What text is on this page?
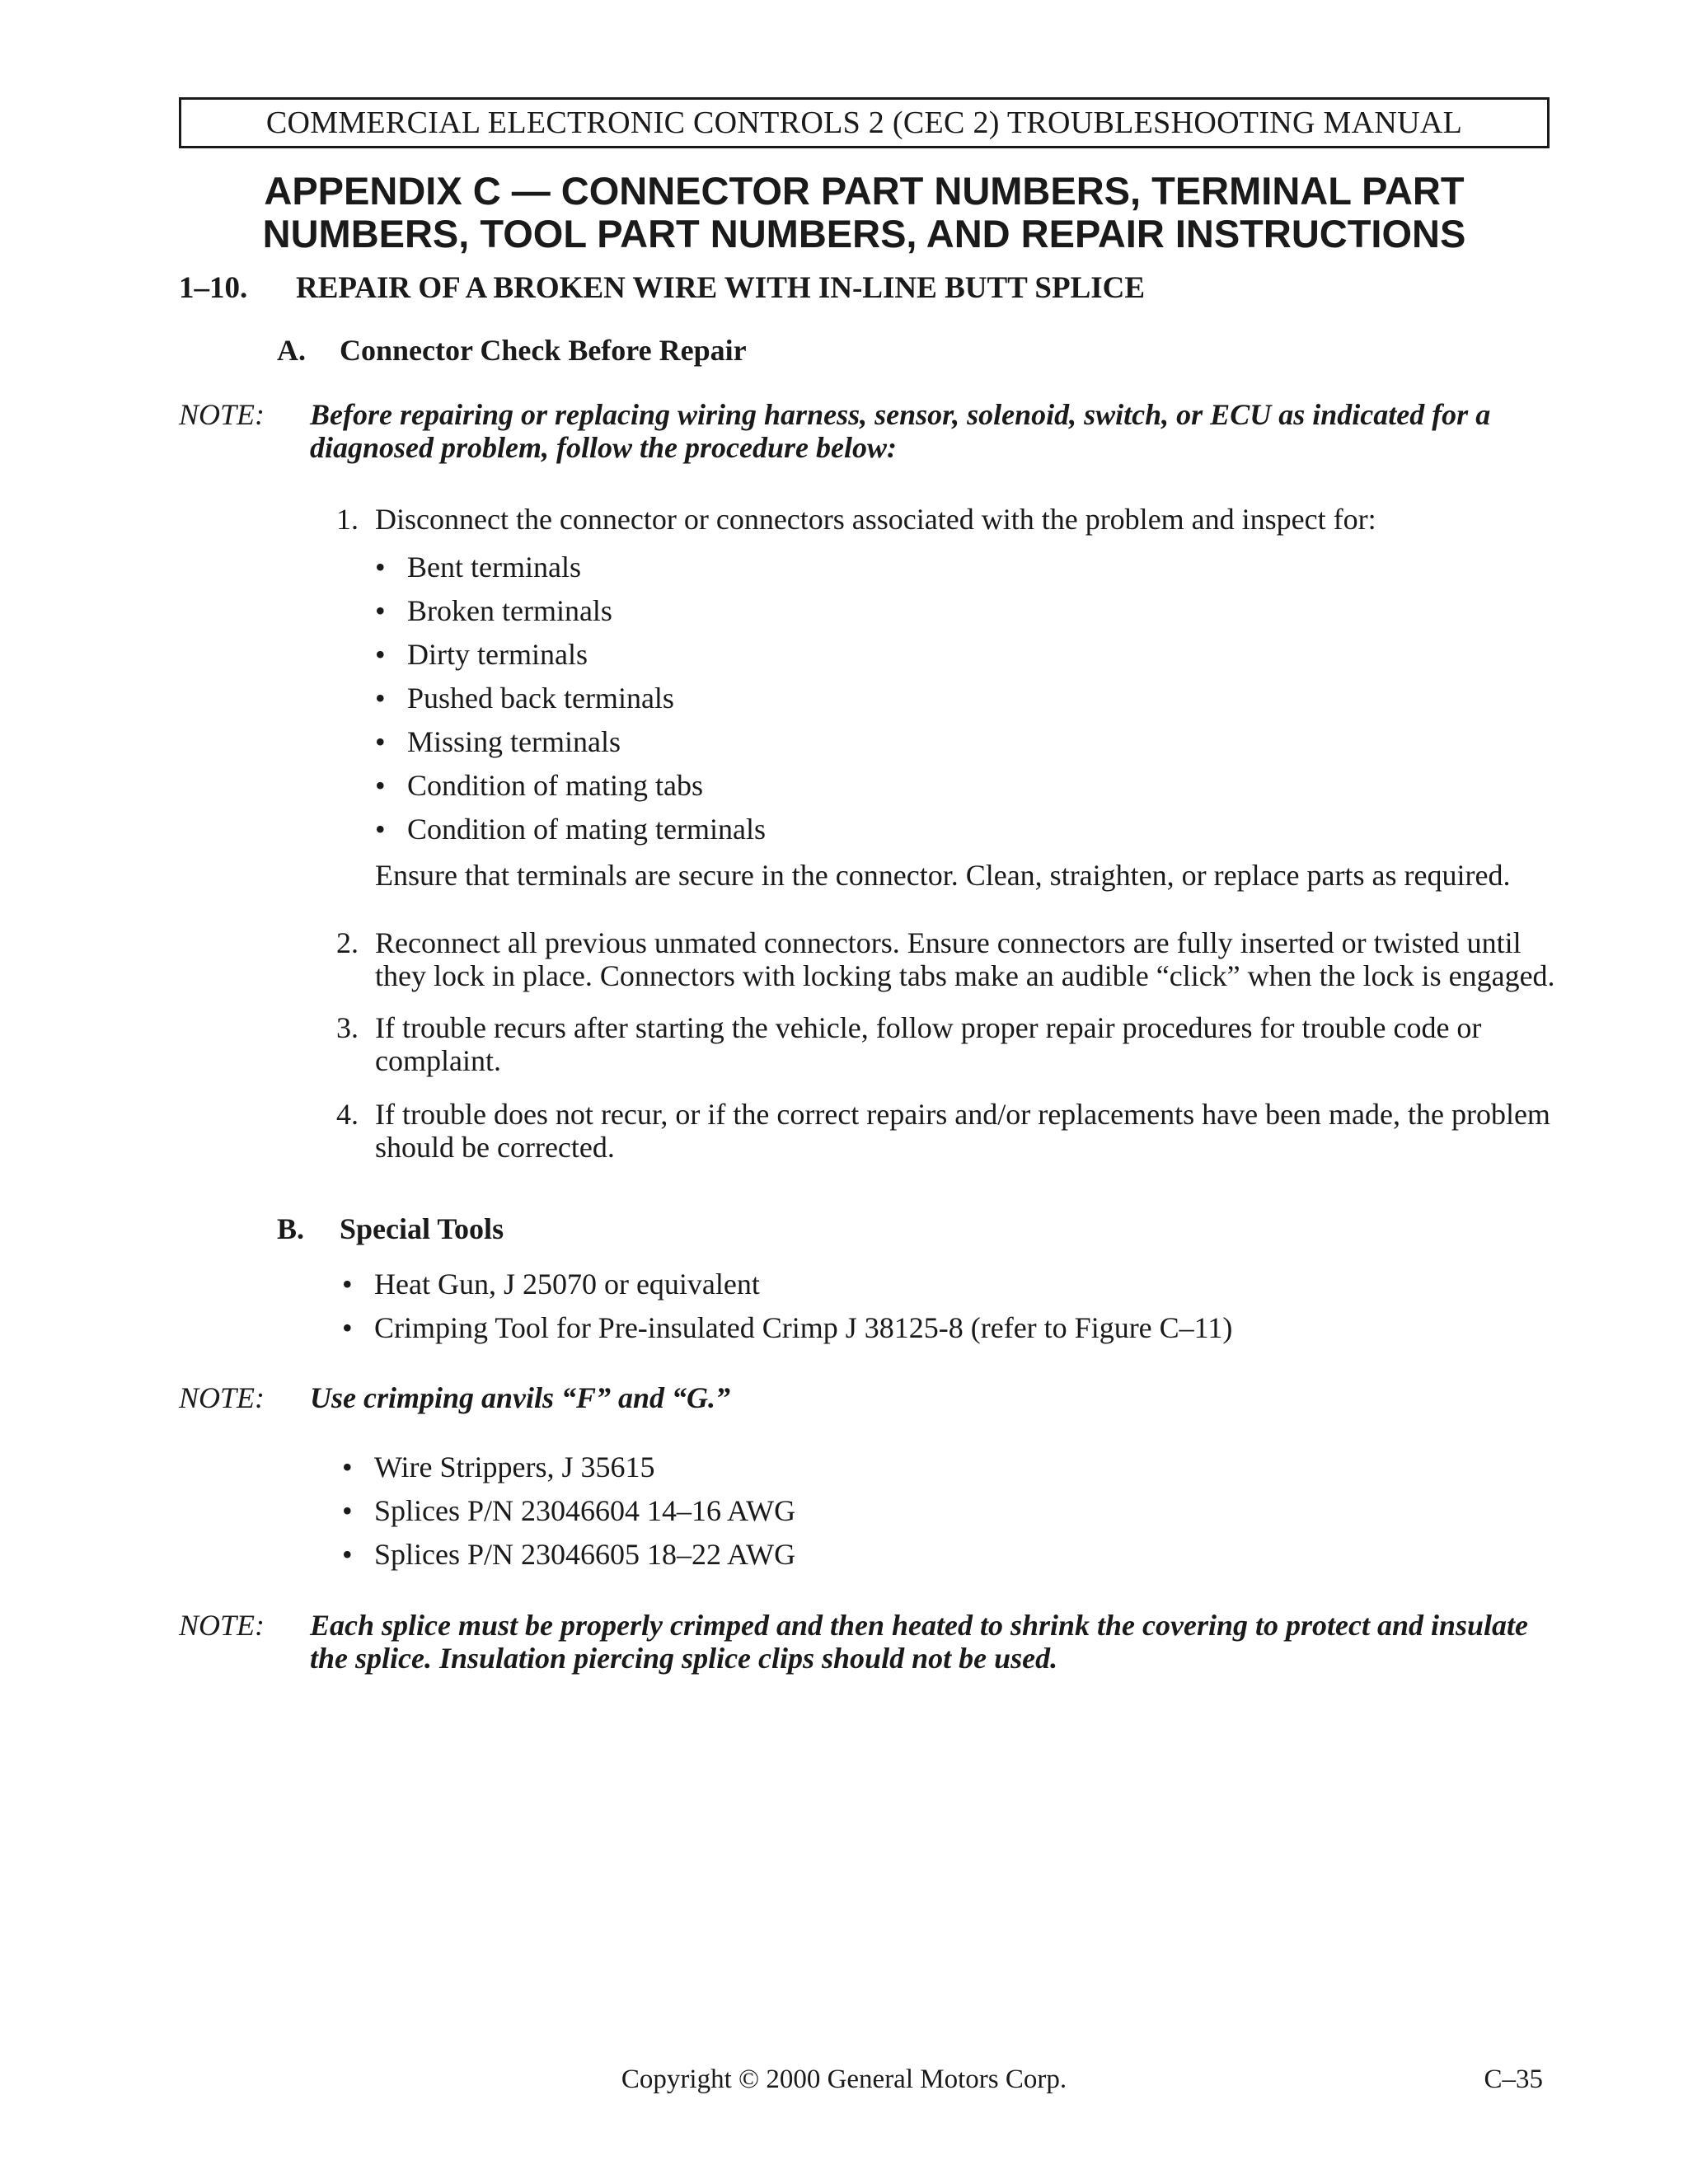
COMMERCIAL ELECTRONIC CONTROLS 2 (CEC 2) TROUBLESHOOTING MANUAL
APPENDIX C — CONNECTOR PART NUMBERS, TERMINAL PART
NUMBERS, TOOL PART NUMBERS, AND REPAIR INSTRUCTIONS
1–10. REPAIR OF A BROKEN WIRE WITH IN-LINE BUTT SPLICE
A. Connector Check Before Repair
NOTE: Before repairing or replacing wiring harness, sensor, solenoid, switch, or ECU as indicated for a diagnosed problem, follow the procedure below:
1. Disconnect the connector or connectors associated with the problem and inspect for:
• Bent terminals
• Broken terminals
• Dirty terminals
• Pushed back terminals
• Missing terminals
• Condition of mating tabs
• Condition of mating terminals
Ensure that terminals are secure in the connector. Clean, straighten, or replace parts as required.
2. Reconnect all previous unmated connectors. Ensure connectors are fully inserted or twisted until they lock in place. Connectors with locking tabs make an audible “click” when the lock is engaged.
3. If trouble recurs after starting the vehicle, follow proper repair procedures for trouble code or complaint.
4. If trouble does not recur, or if the correct repairs and/or replacements have been made, the problem should be corrected.
B. Special Tools
• Heat Gun, J 25070 or equivalent
• Crimping Tool for Pre-insulated Crimp J 38125-8 (refer to Figure C–11)
NOTE: Use crimping anvils “F” and “G.”
• Wire Strippers, J 35615
• Splices P/N 23046604 14–16 AWG
• Splices P/N 23046605 18–22 AWG
NOTE: Each splice must be properly crimped and then heated to shrink the covering to protect and insulate the splice. Insulation piercing splice clips should not be used.
Copyright © 2000 General Motors Corp.	C–35
